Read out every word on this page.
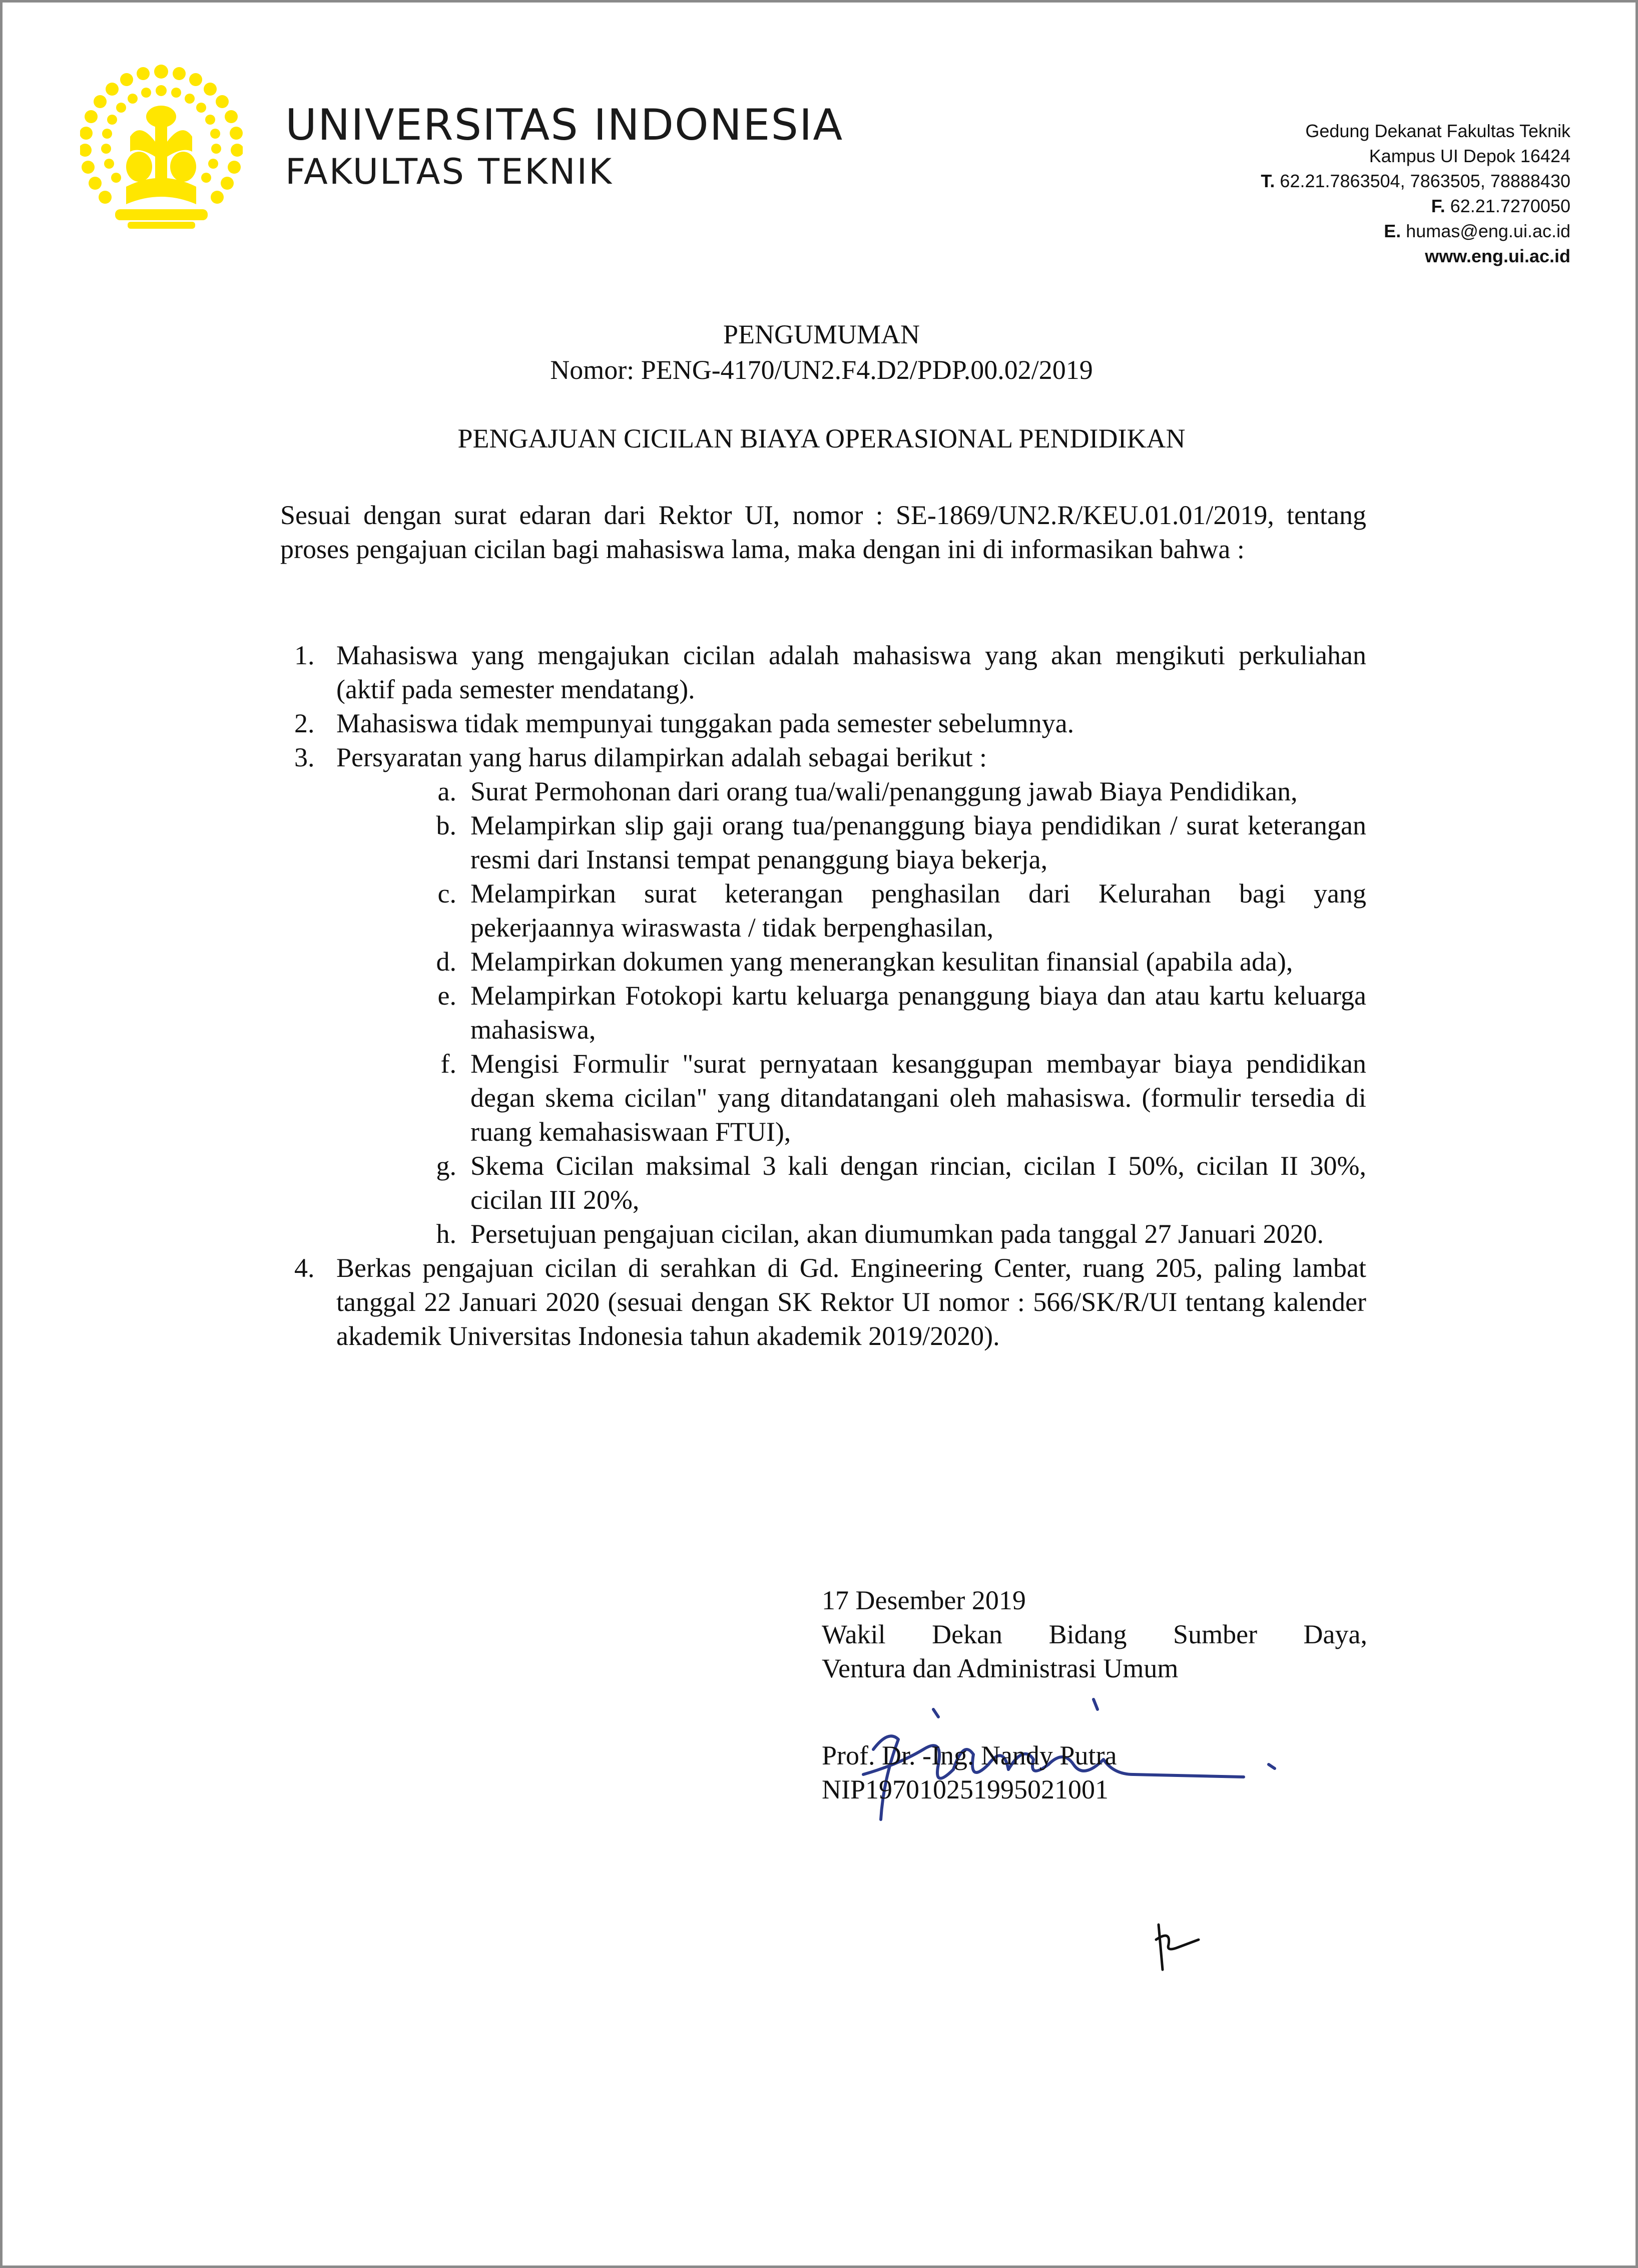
UNIVERSITAS INDONESIA
FAKULTAS TEKNIK
Gedung Dekanat Fakultas Teknik
Kampus UI Depok 16424
T. 62.21.7863504, 7863505, 78888430
F. 62.21.7270050
E. humas@eng.ui.ac.id
www.eng.ui.ac.id
PENGUMUMAN
Nomor: PENG-4170/UN2.F4.D2/PDP.00.02/2019
PENGAJUAN CICILAN BIAYA OPERASIONAL PENDIDIKAN
Sesuai dengan surat edaran dari Rektor UI, nomor : SE-1869/UN2.R/KEU.01.01/2019, tentang proses pengajuan cicilan bagi mahasiswa lama, maka dengan ini di informasikan bahwa :
1. Mahasiswa yang mengajukan cicilan adalah mahasiswa yang akan mengikuti perkuliahan (aktif pada semester mendatang).
2. Mahasiswa tidak mempunyai tunggakan pada semester sebelumnya.
3. Persyaratan yang harus dilampirkan adalah sebagai berikut :
a. Surat Permohonan dari orang tua/wali/penanggung jawab Biaya Pendidikan,
b. Melampirkan slip gaji orang tua/penanggung biaya pendidikan / surat keterangan resmi dari Instansi tempat penanggung biaya bekerja,
c. Melampirkan surat keterangan penghasilan dari Kelurahan bagi yang pekerjaannya wiraswasta / tidak berpenghasilan,
d. Melampirkan dokumen yang menerangkan kesulitan finansial (apabila ada),
e. Melampirkan Fotokopi kartu keluarga penanggung biaya dan atau kartu keluarga mahasiswa,
f. Mengisi Formulir "surat pernyataan kesanggupan membayar biaya pendidikan degan skema cicilan" yang ditandatangani oleh mahasiswa. (formulir tersedia di ruang kemahasiswaan FTUI),
g. Skema Cicilan maksimal 3 kali dengan rincian, cicilan I 50%, cicilan II 30%, cicilan III 20%,
h. Persetujuan pengajuan cicilan, akan diumumkan pada tanggal 27 Januari 2020.
4. Berkas pengajuan cicilan di serahkan di Gd. Engineering Center, ruang 205, paling lambat tanggal 22 Januari 2020 (sesuai dengan SK Rektor UI nomor : 566/SK/R/UI tentang kalender akademik Universitas Indonesia tahun akademik 2019/2020).
17 Desember 2019
Wakil Dekan Bidang Sumber Daya,
Ventura dan Administrasi Umum
Prof. Dr. -Ing. Nandy Putra
NIP197010251995021001
